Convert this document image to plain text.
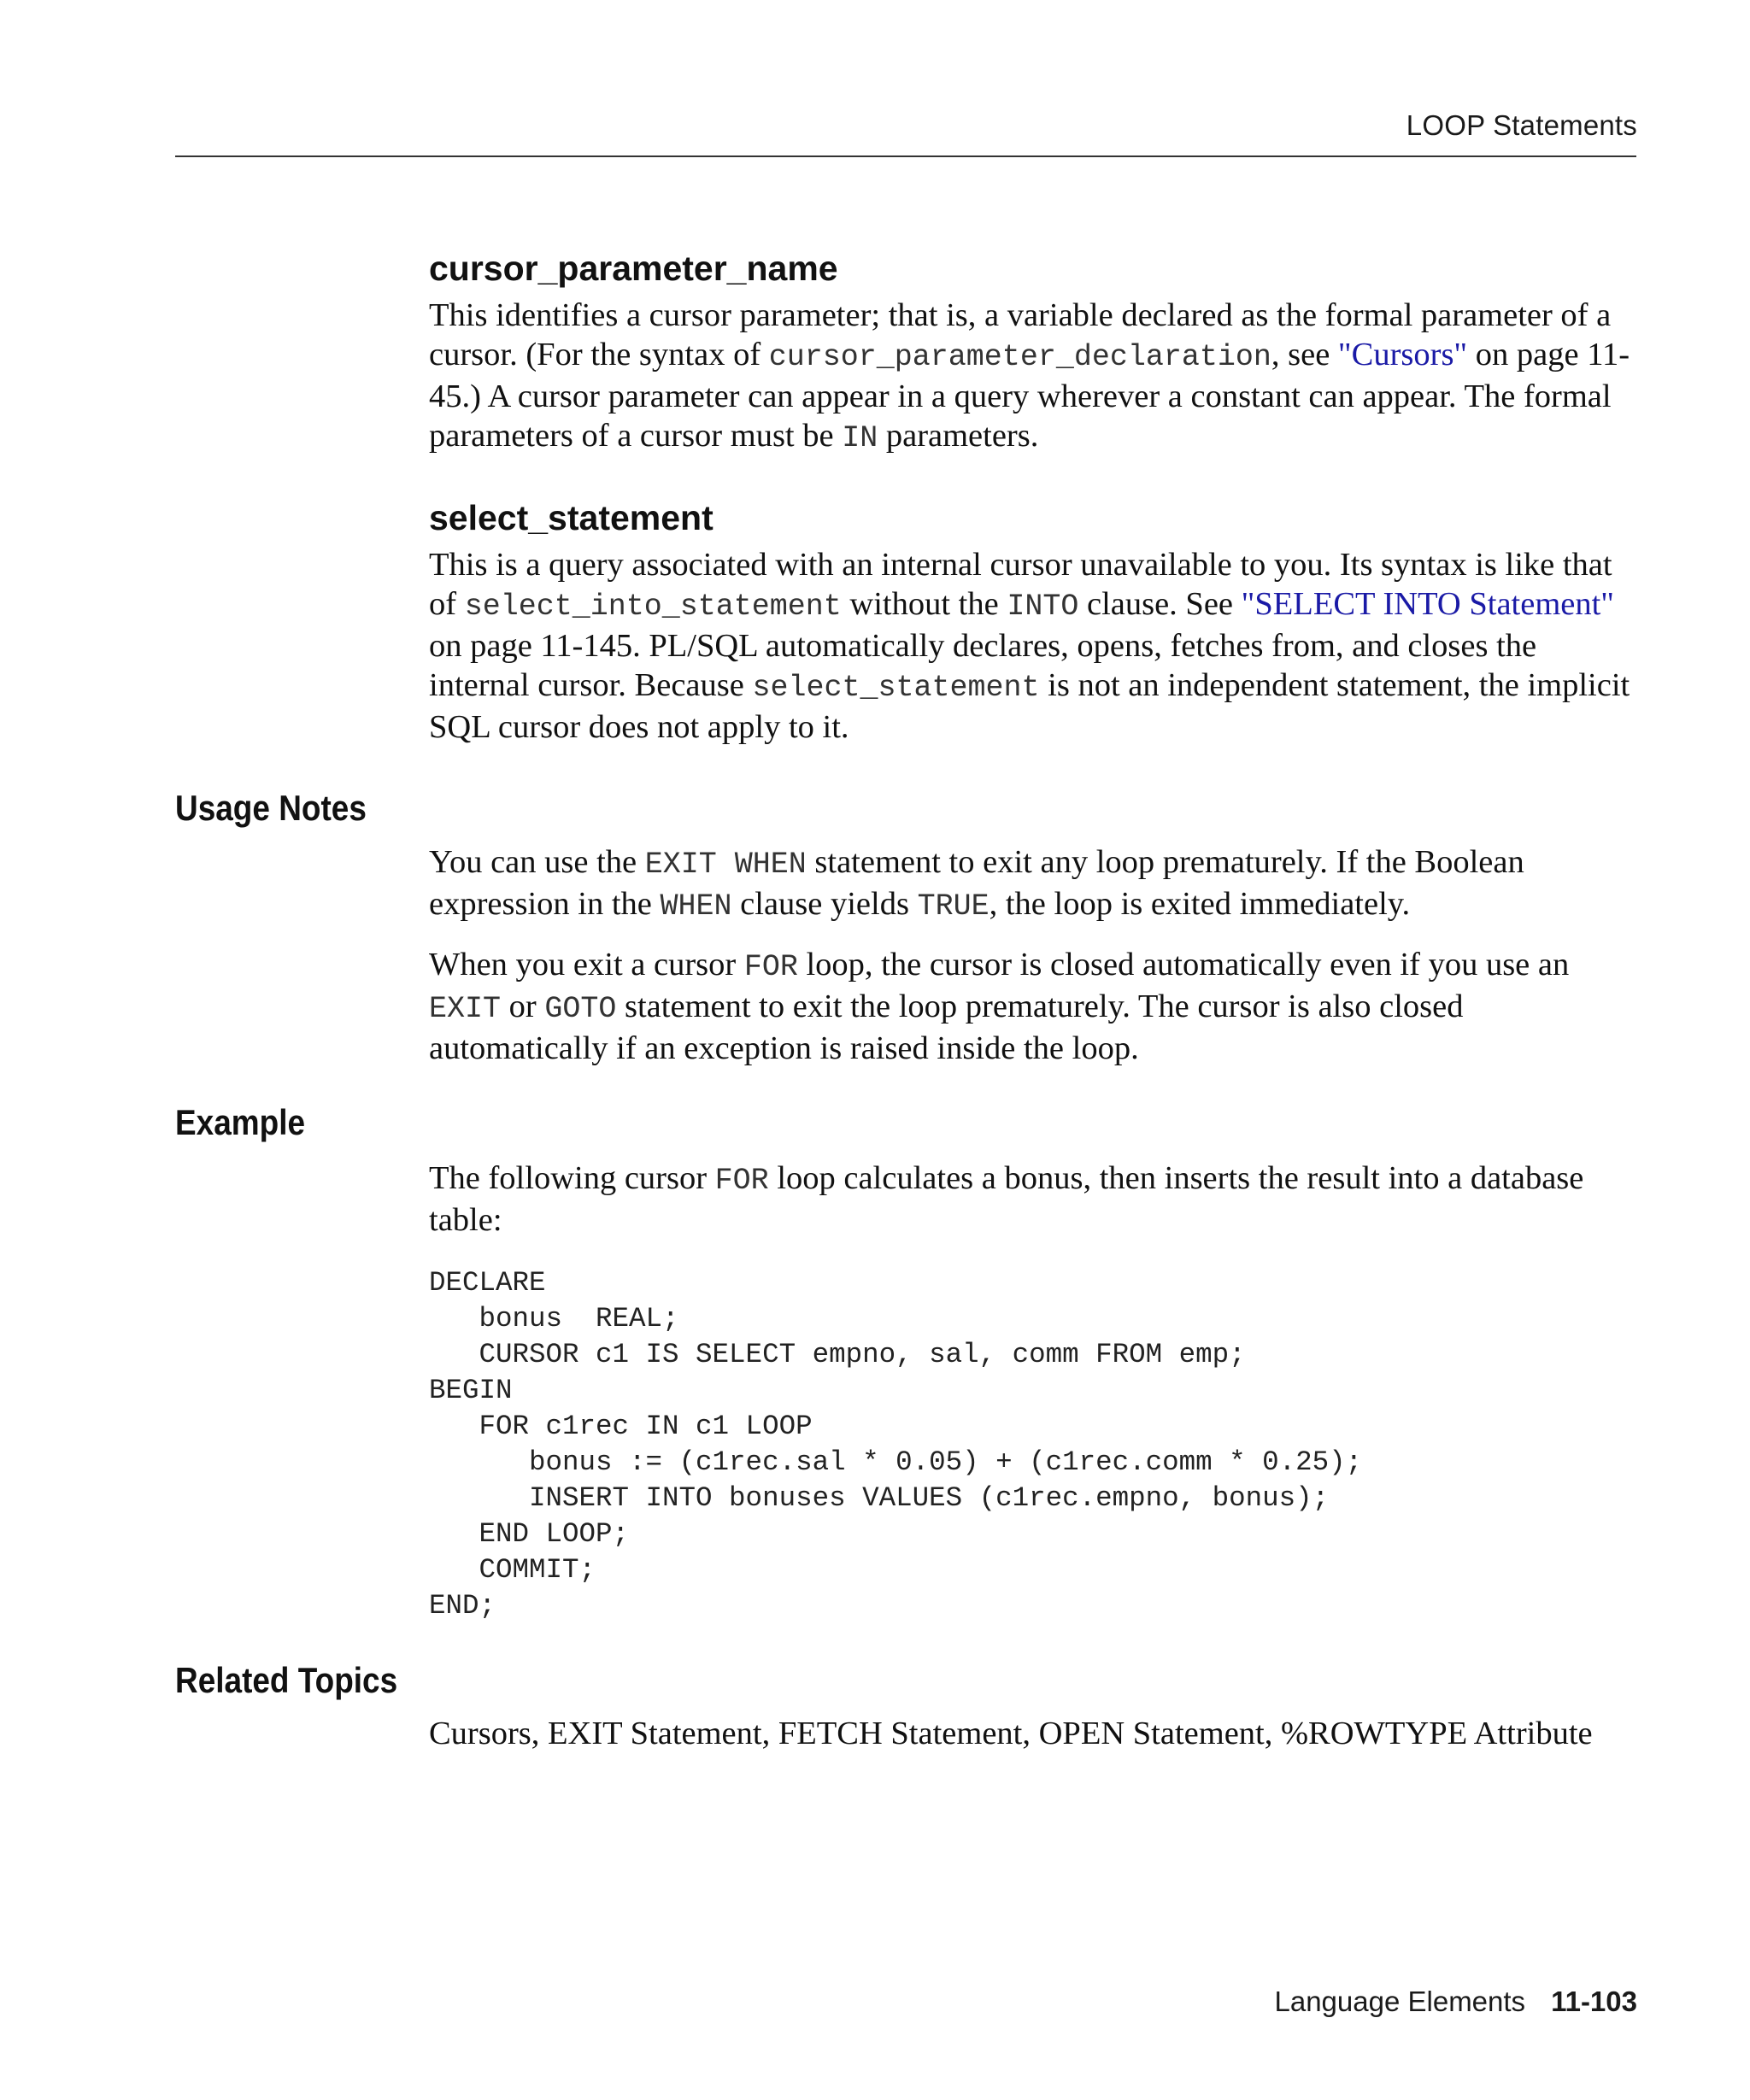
LOOP Statements
cursor_parameter_name

This identifies a cursor parameter; that is, a variable declared as the formal parameter of a cursor. (For the syntax of cursor_parameter_declaration, see "Cursors" on page 11-45.) A cursor parameter can appear in a query wherever a constant can appear. The formal parameters of a cursor must be IN parameters.

select_statement

This is a query associated with an internal cursor unavailable to you. Its syntax is like that of select_into_statement without the INTO clause. See "SELECT INTO Statement" on page 11-145. PL/SQL automatically declares, opens, fetches from, and closes the internal cursor. Because select_statement is not an independent statement, the implicit SQL cursor does not apply to it.

Usage Notes

You can use the EXIT WHEN statement to exit any loop prematurely. If the Boolean expression in the WHEN clause yields TRUE, the loop is exited immediately.

When you exit a cursor FOR loop, the cursor is closed automatically even if you use an EXIT or GOTO statement to exit the loop prematurely. The cursor is also closed automatically if an exception is raised inside the loop.

Example

The following cursor FOR loop calculates a bonus, then inserts the result into a database table:

DECLARE
bonus  REAL;
CURSOR c1 IS SELECT empno, sal, comm FROM emp;
BEGIN
FOR c1rec IN c1 LOOP
bonus := (c1rec.sal * 0.05) + (c1rec.comm * 0.25);
INSERT INTO bonuses VALUES (c1rec.empno, bonus);
END LOOP;
COMMIT;
END;
Related Topics

Cursors, EXIT Statement, FETCH Statement, OPEN Statement, %ROWTYPE Attribute

Language Elements 11-103
